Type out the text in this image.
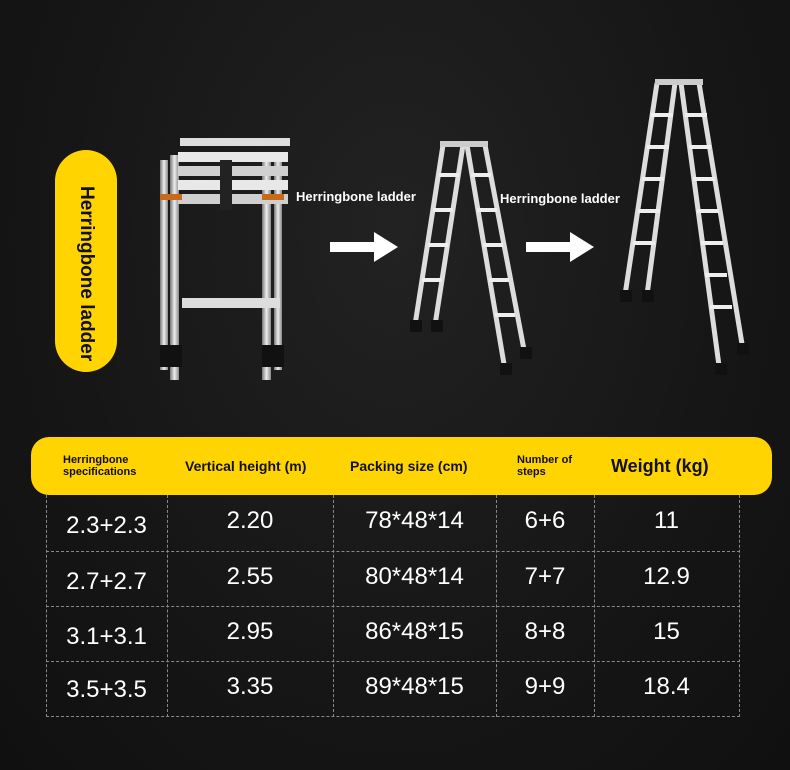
Herringbone ladder	Herringbone ladder	Herringbone ladder
Herringbone specifications	Vertical height (m)	Packing size (cm)	Number of steps	Weight (kg)
2.3+2.3	2.20	78*48*14	6+6	11
2.7+2.7	2.55	80*48*14	7+7	12.9
3.1+3.1	2.95	86*48*15	8+8	15
3.5+3.5	3.35	89*48*15	9+9	18.4
